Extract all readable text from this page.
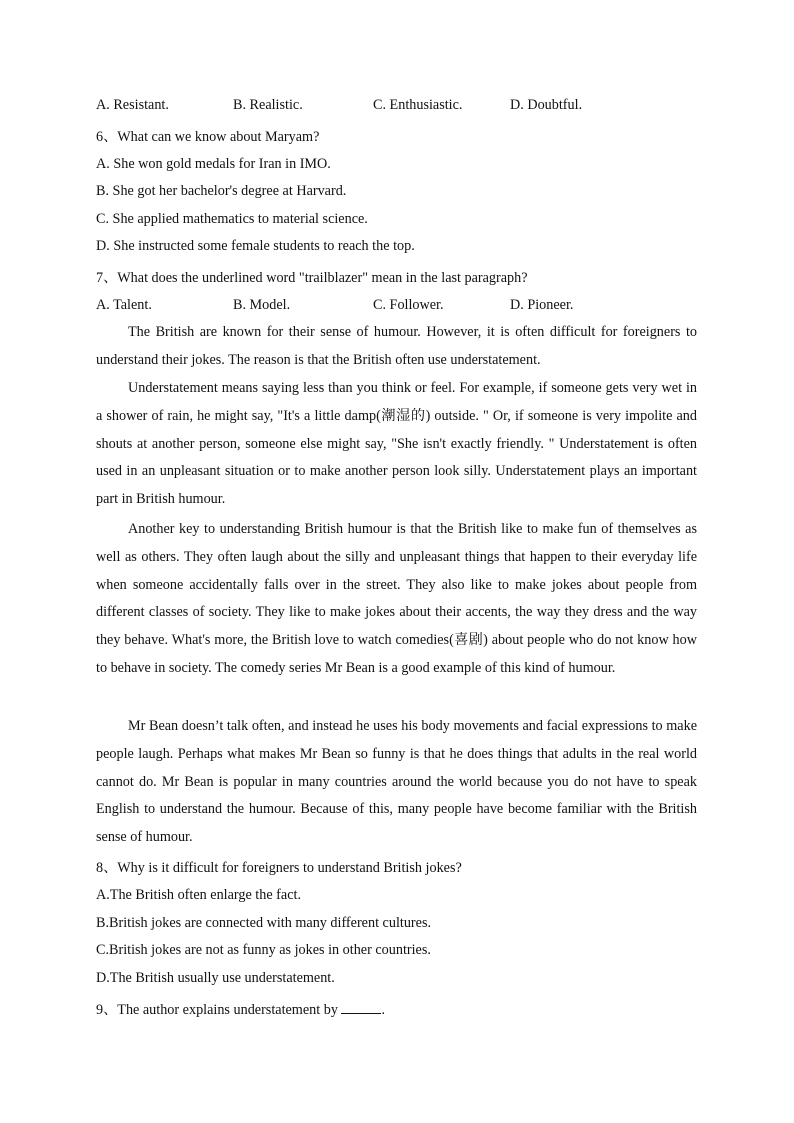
A. Resistant.	B. Realistic.	C. Enthusiastic.	D. Doubtful.
6、What can we know about Maryam?
A. She won gold medals for Iran in IMO.
B. She got her bachelor's degree at Harvard.
C. She applied mathematics to material science.
D. She instructed some female students to reach the top.
7、What does the underlined word "trailblazer" mean in the last paragraph?
A. Talent.	B. Model.	C. Follower.	D. Pioneer.
The British are known for their sense of humour. However, it is often difficult for foreigners to understand their jokes. The reason is that the British often use understatement.
Understatement means saying less than you think or feel. For example, if someone gets very wet in a shower of rain, he might say, "It's a little damp(潮湿的) outside. " Or, if someone is very impolite and shouts at another person, someone else might say, "She isn't exactly friendly. " Understatement is often used in an unpleasant situation or to make another person look silly. Understatement plays an important part in British humour.
Another key to understanding British humour is that the British like to make fun of themselves as well as others. They often laugh about the silly and unpleasant things that happen to their everyday life when someone accidentally falls over in the street. They also like to make jokes about people from different classes of society. They like to make jokes about their accents, the way they dress and the way they behave. What's more, the British love to watch comedies(喜剧) about people who do not know how to behave in society. The comedy series Mr Bean is a good example of this kind of humour.
Mr Bean doesn’t talk often, and instead he uses his body movements and facial expressions to make people laugh. Perhaps what makes Mr Bean so funny is that he does things that adults in the real world cannot do. Mr Bean is popular in many countries around the world because you do not have to speak English to understand the humour. Because of this, many people have become familiar with the British sense of humour.
8、Why is it difficult for foreigners to understand British jokes?
A.The British often enlarge the fact.
B.British jokes are connected with many different cultures.
C.British jokes are not as funny as jokes in other countries.
D.The British usually use understatement.
9、The author explains understatement by	.
